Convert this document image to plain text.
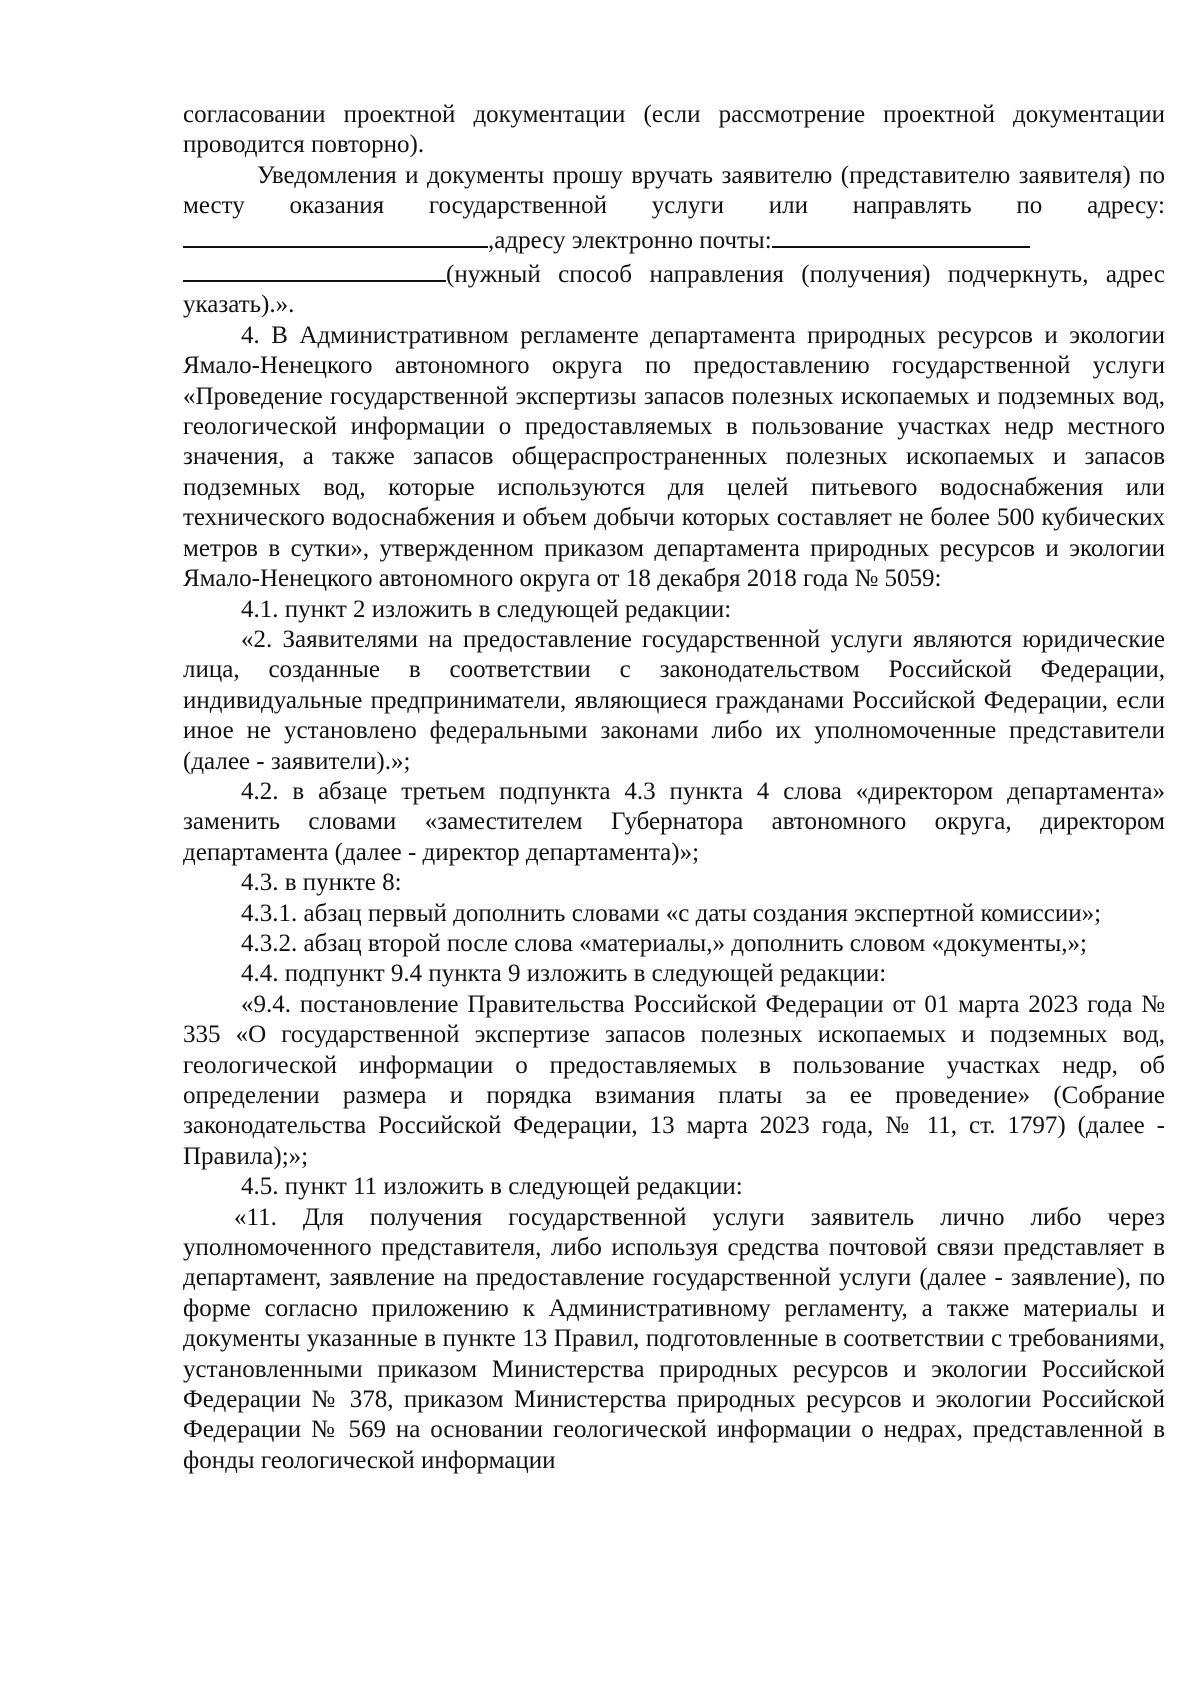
согласовании проектной документации (если рассмотрение проектной документации проводится повторно).

Уведомления и документы прошу вручать заявителю (представителю заявителя) по месту оказания государственной услуги или направлять по адресу:,адресу электронно почты:
(нужный способ направления (получения) подчеркнуть, адрес указать).».

4. В Административном регламенте департамента природных ресурсов и экологии Ямало-Ненецкого автономного округа по предоставлению государственной услуги «Проведение государственной экспертизы запасов полезных ископаемых и подземных вод, геологической информации о предоставляемых в пользование участках недр местного значения, а также запасов общераспространенных полезных ископаемых и запасов подземных вод, которые используются для целей питьевого водоснабжения или технического водоснабжения и объем добычи которых составляет не более 500 кубических метров в сутки», утвержденном приказом департамента природных ресурсов и экологии Ямало-Ненецкого автономного округа от 18 декабря 2018 года № 5059:

4.1. пункт 2 изложить в следующей редакции:

«2. Заявителями на предоставление государственной услуги являются юридические лица, созданные в соответствии с законодательством Российской Федерации, индивидуальные предприниматели, являющиеся гражданами Российской Федерации, если иное не установлено федеральными законами либо их уполномоченные представители (далее - заявители).»;

4.2. в абзаце третьем подпункта 4.3 пункта 4 слова «директором департамента» заменить словами «заместителем Губернатора автономного округа, директором департамента (далее - директор департамента)»;

4.3. в пункте 8:

4.3.1. абзац первый дополнить словами «с даты создания экспертной комиссии»;

4.3.2. абзац второй после слова «материалы,» дополнить словом «документы,»;

4.4. подпункт 9.4 пункта 9 изложить в следующей редакции:

«9.4. постановление Правительства Российской Федерации от 01 марта 2023 года № 335 «О государственной экспертизе запасов полезных ископаемых и подземных вод, геологической информации о предоставляемых в пользование участках недр, об определении размера и порядка взимания платы за ее проведение» (Собрание законодательства Российской Федерации, 13 марта 2023 года, № 11, ст. 1797) (далее - Правила);»;

4.5. пункт 11 изложить в следующей редакции:

«11. Для получения государственной услуги заявитель лично либо через уполномоченного представителя, либо используя средства почтовой связи представляет в департамент, заявление на предоставление государственной услуги (далее - заявление), по форме согласно приложению к Административному регламенту, а также материалы и документы указанные в пункте 13 Правил, подготовленные в соответствии с требованиями, установленными приказом Министерства природных ресурсов и экологии Российской Федерации № 378, приказом Министерства природных ресурсов и экологии Российской Федерации № 569 на основании геологической информации о недрах, представленной в фонды геологической информации
